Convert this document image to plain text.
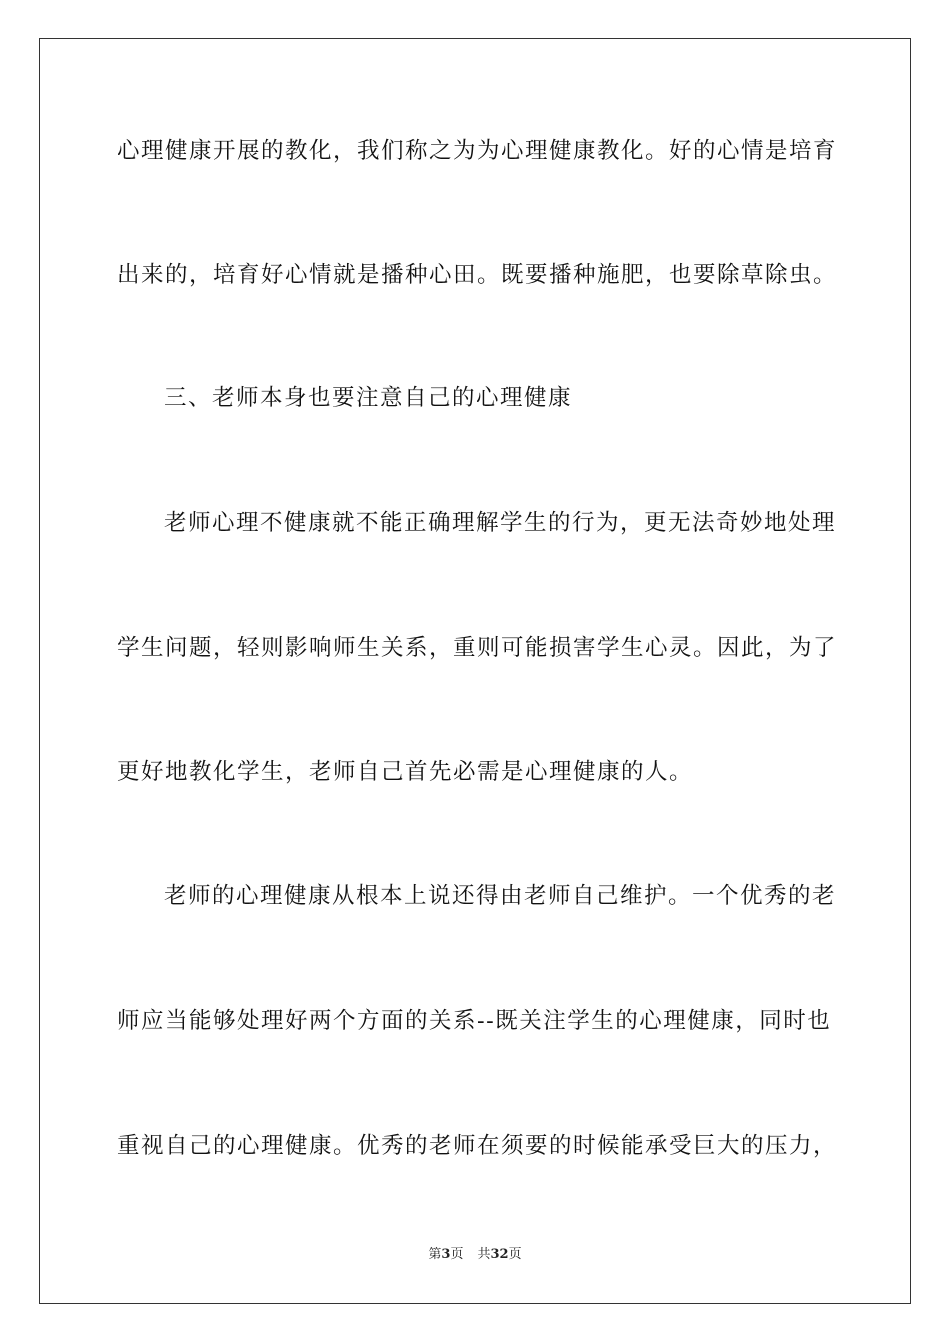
心理健康开展的教化，我们称之为为心理健康教化。好的心情是培育
出来的，培育好心情就是播种心田。既要播种施肥，也要除草除虫。
三、老师本身也要注意自己的心理健康
老师心理不健康就不能正确理解学生的行为，更无法奇妙地处理
学生问题，轻则影响师生关系，重则可能损害学生心灵。因此，为了
更好地教化学生，老师自己首先必需是心理健康的人。
老师的心理健康从根本上说还得由老师自己维护。一个优秀的老
师应当能够处理好两个方面的关系--既关注学生的心理健康，同时也
重视自己的心理健康。优秀的老师在须要的时候能承受巨大的压力，
第3页 共32页
